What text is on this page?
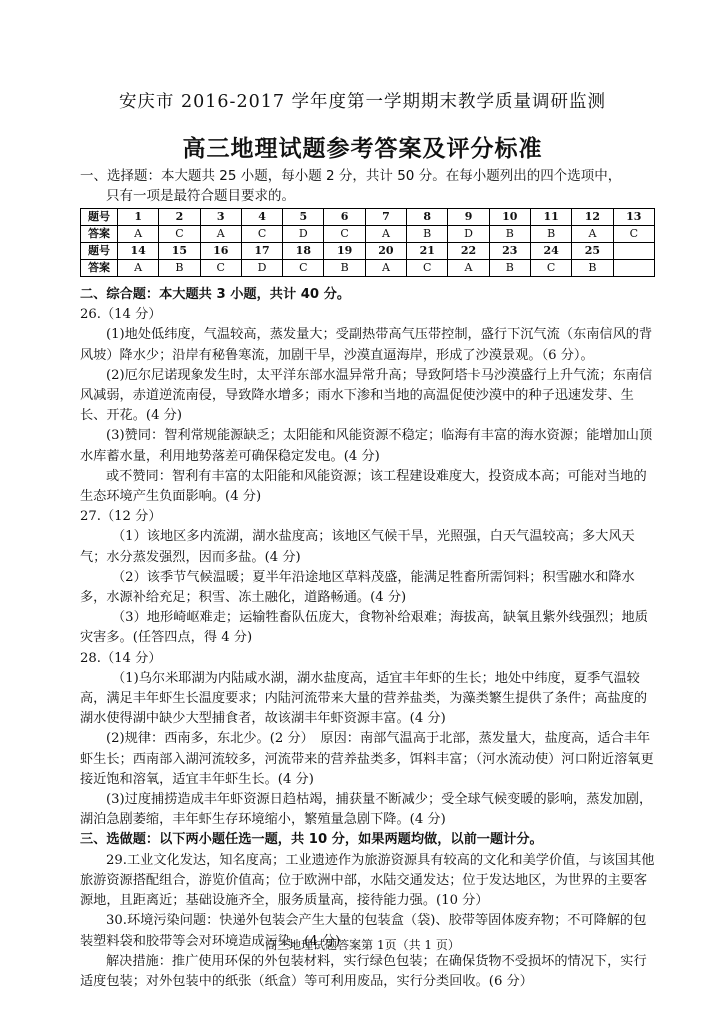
安庆市 2016-2017 学年度第一学期期末教学质量调研监测
高三地理试题参考答案及评分标准
一、选择题：本大题共 25 小题，每小题 2 分，共计 50 分。在每小题列出的四个选项中，
只有一项是最符合题目要求的。
题号	1	2	3	4	5	6	7	8	9	10	11	12	13
答案	A	C	A	C	D	C	A	B	D	B	B	A	C
题号	14	15	16	17	18	19	20	21	22	23	24	25	
答案	A	B	C	D	C	B	A	C	A	B	C	B	

二、综合题：本大题共 3 小题，共计 40 分。

26.（14 分）

(1)地处低纬度，气温较高，蒸发量大；受副热带高气压带控制，盛行下沉气流（东南信风的背风坡）降水少；沿岸有秘鲁寒流，加剧干旱，沙漠直逼海岸，形成了沙漠景观。（6 分）。

(2)厄尔尼诺现象发生时，太平洋东部水温异常升高；导致阿塔卡马沙漠盛行上升气流；东南信风减弱，赤道逆流南侵，导致降水增多；雨水下渗和当地的高温促使沙漠中的种子迅速发芽、生长、开花。(4 分)

(3)赞同：智利常规能源缺乏；太阳能和风能资源不稳定；临海有丰富的海水资源；能增加山顶水库蓄水量，利用地势落差可确保稳定发电。(4 分)

或不赞同：智利有丰富的太阳能和风能资源；该工程建设难度大，投资成本高；可能对当地的生态环境产生负面影响。(4 分)

27.（12 分）

（1）该地区多内流湖，湖水盐度高；该地区气候干旱，光照强，白天气温较高；多大风天气；水分蒸发强烈，因而多盐。(4 分)

（2）该季节气候温暖；夏半年沿途地区草料茂盛，能满足牲畜所需饲料；积雪融水和降水多，水源补给充足；积雪、冻土融化，道路畅通。(4 分)

（3）地形崎岖难走；运输牲畜队伍庞大，食物补给艰难；海拔高，缺氧且紫外线强烈；地质灾害多。(任答四点，得 4 分)

28.（14 分）

（1)乌尔米耶湖为内陆咸水湖，湖水盐度高，适宜丰年虾的生长；地处中纬度，夏季气温较高，满足丰年虾生长温度要求；内陆河流带来大量的营养盐类，为藻类繁生提供了条件；高盐度的湖水使得湖中缺少大型捕食者，故该湖丰年虾资源丰富。(4 分)

(2)规律：西南多，东北少。(2 分）　原因：南部气温高于北部，蒸发量大，盐度高，适合丰年虾生长；西南部入湖河流较多，河流带来的营养盐类多，饵料丰富；（河水流动使）河口附近溶氧更接近饱和溶氧，适宜丰年虾生长。(4 分)

(3)过度捕捞造成丰年虾资源日趋枯竭，捕获量不断减少；受全球气候变暖的影响，蒸发加剧，湖泊急剧萎缩，丰年虾生存环境缩小，繁殖量急剧下降。(4 分)

三、选做题：以下两小题任选一题，共 10 分，如果两题均做，以前一题计分。

29.工业文化发达，知名度高；工业遗迹作为旅游资源具有较高的文化和美学价值，与该国其他旅游资源搭配组合，游览价值高；位于欧洲中部，水陆交通发达；位于发达地区，为世界的主要客源地，且距离近；基础设施齐全，服务质量高，接待能力强。(10 分）

30.环境污染问题：快递外包装会产生大量的包装盒（袋)、胶带等固体废弃物；不可降解的包装塑料袋和胶带等会对环境造成污染。(4 分)

解决措施：推广使用环保的外包装材料，实行绿色包装；在确保货物不受损坏的情况下，实行适度包装；对外包装中的纸张（纸盒）等可利用废品，实行分类回收。(6 分）

高三地理试题答案第 1页（共 1 页）
